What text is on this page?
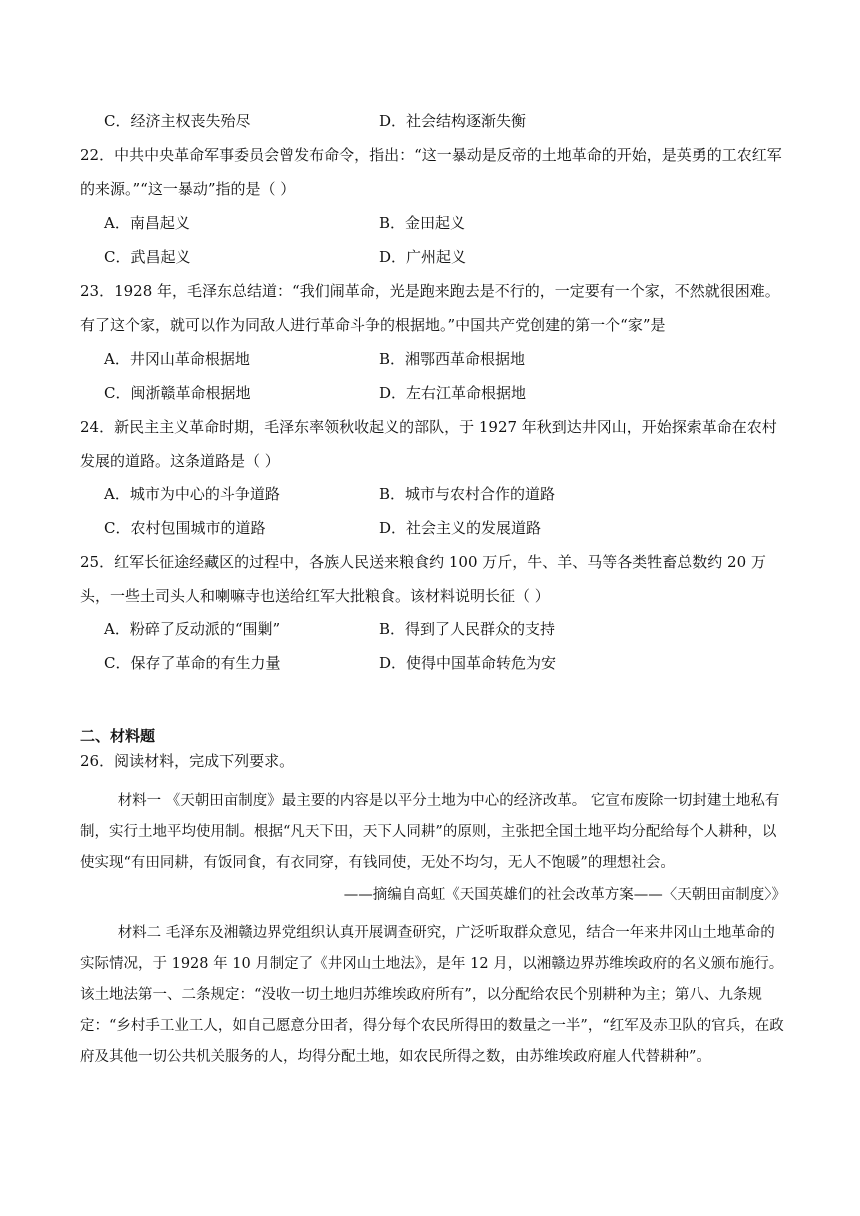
C．经济主权丧失殆尽	D．社会结构逐渐失衡
22．中共中央革命军事委员会曾发布命令，指出：“这一暴动是反帝的土地革命的开始，是英勇的工农红军的来源。”“这一暴动”指的是（ ）
A．南昌起义	B．金田起义
C．武昌起义	D．广州起义
23．1928 年，毛泽东总结道：“我们闹革命，光是跑来跑去是不行的，一定要有一个家，不然就很困难。有了这个家，就可以作为同敌人进行革命斗争的根据地。”中国共产党创建的第一个“家”是
A．井冈山革命根据地	B．湘鄂西革命根据地
C．闽浙赣革命根据地	D．左右江革命根据地
24．新民主主义革命时期，毛泽东率领秋收起义的部队，于 1927 年秋到达井冈山，开始探索革命在农村发展的道路。这条道路是（ ）
A．城市为中心的斗争道路	B．城市与农村合作的道路
C．农村包围城市的道路	D．社会主义的发展道路
25．红军长征途经藏区的过程中，各族人民送来粮食约 100 万斤，牛、羊、马等各类牲畜总数约 20 万头，一些土司头人和喇嘛寺也送给红军大批粮食。该材料说明长征（ ）
A．粉碎了反动派的“围剿”	B．得到了人民群众的支持
C．保存了革命的有生力量	D．使得中国革命转危为安
二、材料题
26．阅读材料，完成下列要求。
材料一 《天朝田亩制度》最主要的内容是以平分土地为中心的经济改革。 它宣布废除一切封建土地私有制，实行土地平均使用制。根据“凡天下田，天下人同耕”的原则，主张把全国土地平均分配给每个人耕种，以使实现“有田同耕，有饭同食，有衣同穿，有钱同使，无处不均匀，无人不饱暖”的理想社会。
——摘编自高虹《天国英雄们的社会改革方案——〈天朝田亩制度〉》
材料二 毛泽东及湘赣边界党组织认真开展调查研究，广泛听取群众意见，结合一年来井冈山土地革命的实际情况，于 1928 年 10 月制定了《井冈山土地法》，是年 12 月，以湘赣边界苏维埃政府的名义颁布施行。该土地法第一、二条规定：“没收一切土地归苏维埃政府所有”，以分配给农民个别耕种为主；第八、九条规定：“乡村手工业工人，如自己愿意分田者，得分每个农民所得田的数量之一半”，“红军及赤卫队的官兵，在政府及其他一切公共机关服务的人，均得分配土地，如农民所得之数，由苏维埃政府雇人代替耕种”。
